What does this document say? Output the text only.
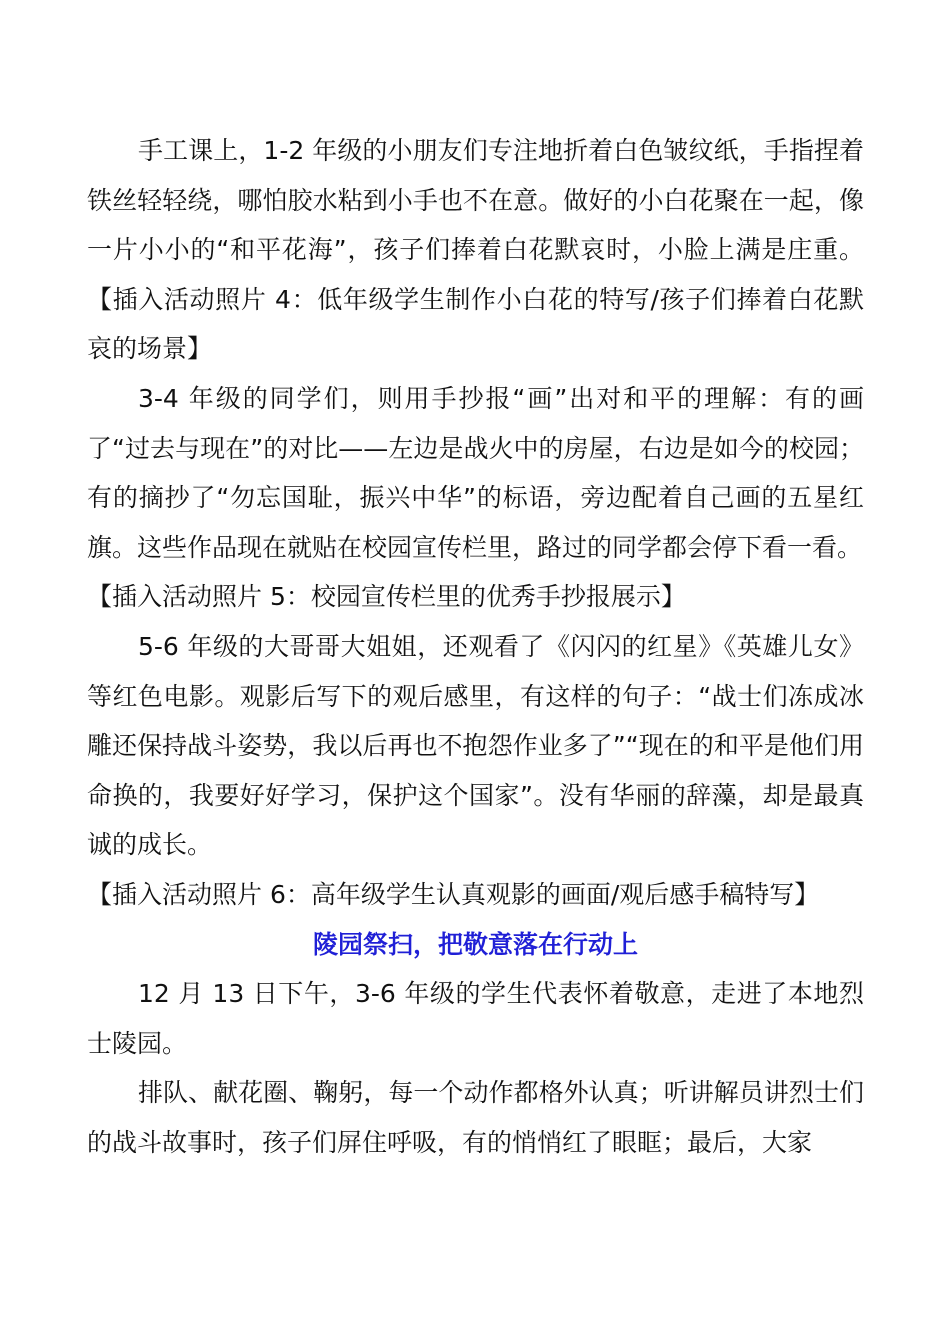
手工课上，1-2 年级的小朋友们专注地折着白色皱纹纸，手指捏着铁丝轻轻绕，哪怕胶水粘到小手也不在意。做好的小白花聚在一起，像一片小小的“和平花海”，孩子们捧着白花默哀时，小脸上满是庄重。【插入活动照片 4：低年级学生制作小白花的特写/孩子们捧着白花默哀的场景】

3-4 年级的同学们，则用手抄报“画”出对和平的理解：有的画了“过去与现在”的对比——左边是战火中的房屋，右边是如今的校园；有的摘抄了“勿忘国耻，振兴中华”的标语，旁边配着自己画的五星红旗。这些作品现在就贴在校园宣传栏里，路过的同学都会停下看一看。

【插入活动照片 5：校园宣传栏里的优秀手抄报展示】

5-6 年级的大哥哥大姐姐，还观看了《闪闪的红星》《英雄儿女》等红色电影。观影后写下的观后感里，有这样的句子：“战士们冻成冰雕还保持战斗姿势，我以后再也不抱怨作业多了”“现在的和平是他们用命换的，我要好好学习，保护这个国家”。没有华丽的辞藻，却是最真诚的成长。

【插入活动照片 6：高年级学生认真观影的画面/观后感手稿特写】

陵园祭扫，把敬意落在行动上

12 月 13 日下午，3-6 年级的学生代表怀着敬意，走进了本地烈士陵园。

排队、献花圈、鞠躬，每一个动作都格外认真；听讲解员讲烈士们的战斗故事时，孩子们屏住呼吸，有的悄悄红了眼眶；最后，大家
